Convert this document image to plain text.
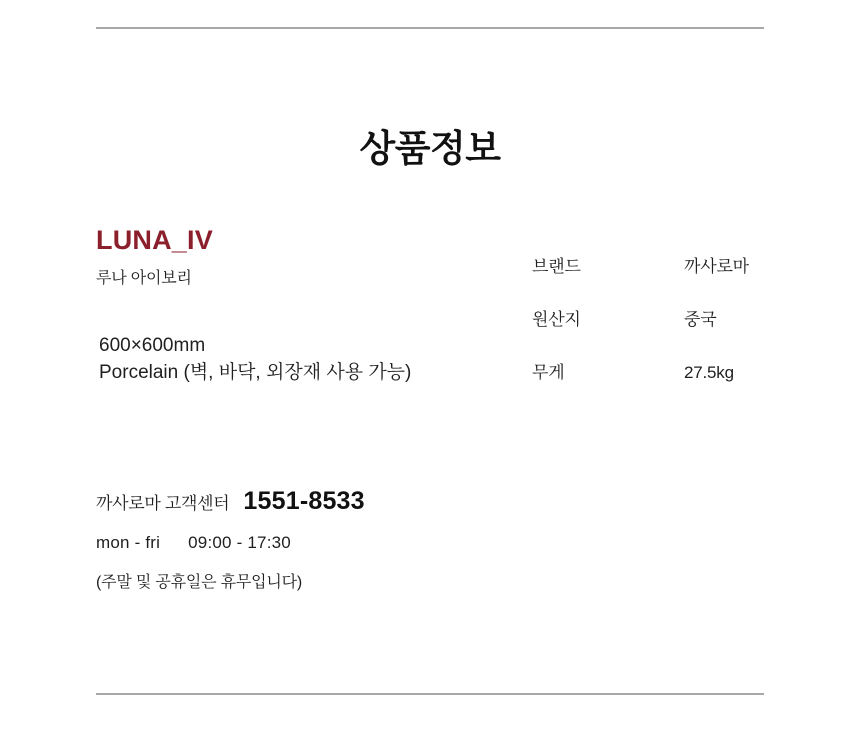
상품정보
LUNA_IV
루나 아이보리
600×600mm
Porcelain (벽, 바닥, 외장재 사용 가능)
브랜드	까사로마
원산지	중국
무게	27.5kg
까사로마 고객센터 1551-8533
mon - fri 09:00 - 17:30
(주말 및 공휴일은 휴무입니다)
